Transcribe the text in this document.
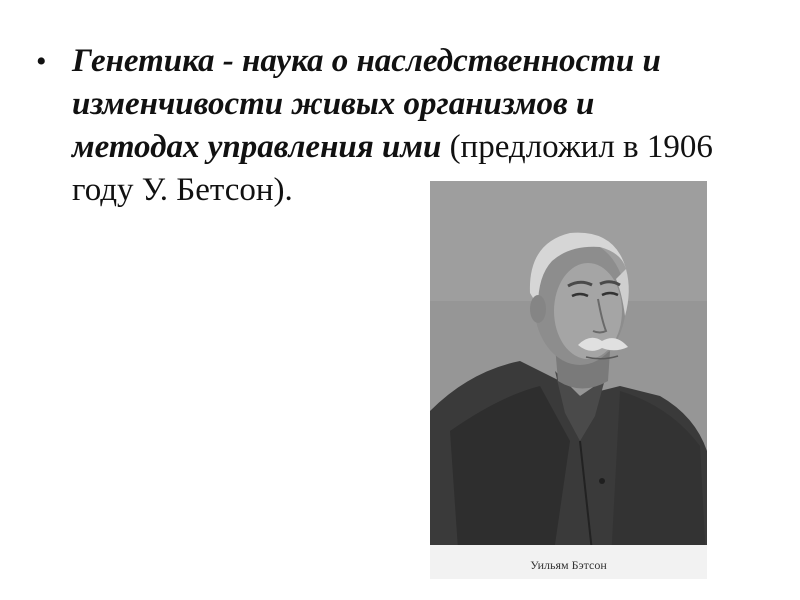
• Генетика - наука о наследственности и изменчивости живых организмов и методах управления ими (предложил в 1906 году У. Бетсон).

Уильям Бэтсон
